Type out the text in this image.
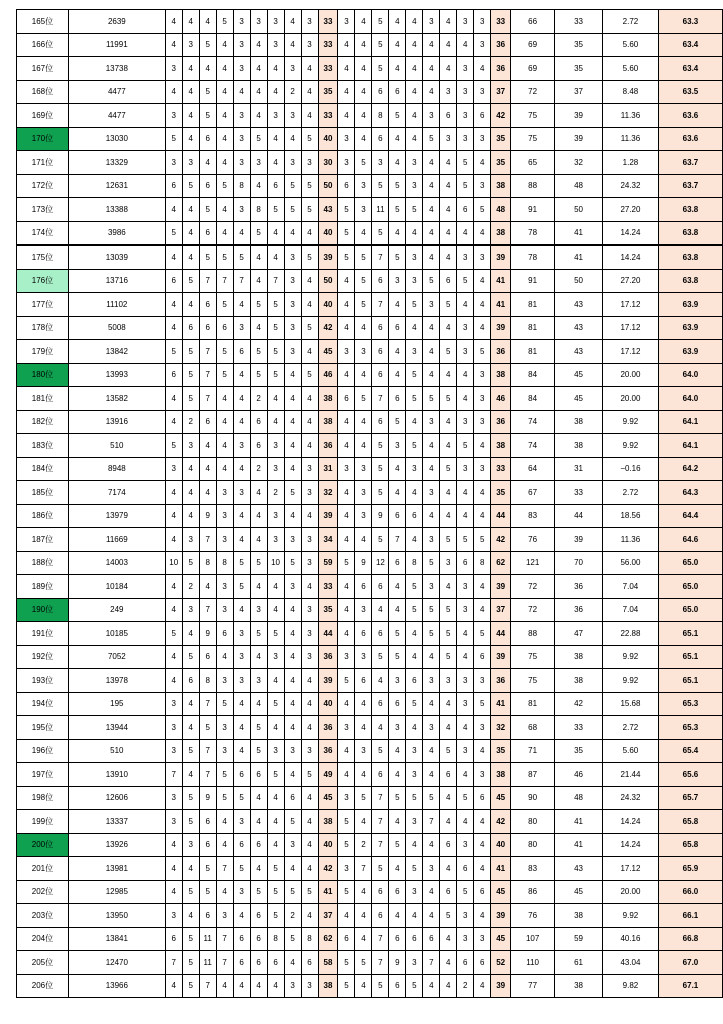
165位	2639	4	4	4	5	3	3	3	4	3	33	3	4	5	4	4	3	4	3	3	33	66	33	2.72	63.3
166位	11991	4	3	5	4	3	4	3	4	3	33	4	4	5	4	4	4	4	4	3	36	69	35	5.60	63.4
167位	13738	3	4	4	4	3	4	4	3	4	33	4	4	5	4	4	4	4	3	4	36	69	35	5.60	63.4
168位	4477	4	4	5	4	4	4	4	2	4	35	4	4	6	6	4	4	3	3	3	37	72	37	8.48	63.5
169位	4477	3	4	5	4	3	4	3	3	4	33	4	4	8	5	4	3	6	3	6	42	75	39	11.36	63.6
170位	13030	5	4	6	4	3	5	4	4	5	40	3	4	6	4	4	5	3	3	3	35	75	39	11.36	63.6
171位	13329	3	3	4	4	3	3	4	3	3	30	3	5	3	4	3	4	4	5	4	35	65	32	1.28	63.7
172位	12631	6	5	6	5	8	4	6	5	5	50	6	3	5	5	3	4	4	5	3	38	88	48	24.32	63.7
173位	13388	4	4	5	4	3	8	5	5	5	43	5	3	11	5	5	4	4	6	5	48	91	50	27.20	63.8
174位	3986	5	4	6	4	4	5	4	4	4	40	5	4	5	4	4	4	4	4	4	38	78	41	14.24	63.8
175位	13039	4	4	5	5	5	4	4	3	5	39	5	5	7	5	3	4	4	3	3	39	78	41	14.24	63.8
176位	13716	6	5	7	7	7	4	7	3	4	50	4	5	6	3	3	5	6	5	4	41	91	50	27.20	63.8
177位	11102	4	4	6	5	4	5	5	3	4	40	4	5	7	4	5	3	5	4	4	41	81	43	17.12	63.9
178位	5008	4	6	6	6	3	4	5	3	5	42	4	4	6	6	4	4	4	3	4	39	81	43	17.12	63.9
179位	13842	5	5	7	5	6	5	5	3	4	45	3	3	6	4	3	4	5	3	5	36	81	43	17.12	63.9
180位	13993	6	5	7	5	4	5	5	4	5	46	4	4	6	4	5	4	4	4	3	38	84	45	20.00	64.0
181位	13582	4	5	7	4	4	2	4	4	4	38	6	5	7	6	5	5	5	4	3	46	84	45	20.00	64.0
182位	13916	4	2	6	4	4	6	4	4	4	38	4	4	6	5	4	3	4	3	3	36	74	38	9.92	64.1
183位	510	5	3	4	4	3	6	3	4	4	36	4	4	5	3	5	4	4	5	4	38	74	38	9.92	64.1
184位	8948	3	4	4	4	4	2	3	4	3	31	3	3	5	4	3	4	5	3	3	33	64	31	−0.16	64.2
185位	7174	4	4	4	3	3	4	2	5	3	32	4	3	5	4	4	3	4	4	4	35	67	33	2.72	64.3
186位	13979	4	4	9	3	4	4	3	4	4	39	4	3	9	6	6	4	4	4	4	44	83	44	18.56	64.4
187位	11669	4	3	7	3	4	4	3	3	3	34	4	4	5	7	4	3	5	5	5	42	76	39	11.36	64.6
188位	14003	10	5	8	8	5	5	10	5	3	59	5	9	12	6	8	5	3	6	8	62	121	70	56.00	65.0
189位	10184	4	2	4	3	5	4	4	3	4	33	4	6	6	4	5	3	4	3	4	39	72	36	7.04	65.0
190位	249	4	3	7	3	4	3	4	4	3	35	4	3	4	4	5	5	5	3	4	37	72	36	7.04	65.0
191位	10185	5	4	9	6	3	5	5	4	3	44	4	6	6	5	4	5	5	4	5	44	88	47	22.88	65.1
192位	7052	4	5	6	4	3	4	3	4	3	36	3	3	5	5	4	4	5	4	6	39	75	38	9.92	65.1
193位	13978	4	6	8	3	3	3	4	4	4	39	5	6	4	3	6	3	3	3	3	36	75	38	9.92	65.1
194位	195	3	4	7	5	4	4	5	4	4	40	4	4	6	6	5	4	4	3	5	41	81	42	15.68	65.3
195位	13944	3	4	5	3	4	5	4	4	4	36	3	4	4	3	4	3	4	4	3	32	68	33	2.72	65.3
196位	510	3	5	7	3	4	5	3	3	3	36	4	3	5	4	3	4	5	3	4	35	71	35	5.60	65.4
197位	13910	7	4	7	5	6	6	5	4	5	49	4	4	6	4	3	4	6	4	3	38	87	46	21.44	65.6
198位	12606	3	5	9	5	5	4	4	6	4	45	3	5	7	5	5	5	4	5	6	45	90	48	24.32	65.7
199位	13337	3	5	6	4	3	4	4	5	4	38	5	4	7	4	3	7	4	4	4	42	80	41	14.24	65.8
200位	13926	4	3	6	4	6	6	4	3	4	40	5	2	7	5	4	4	6	3	4	40	80	41	14.24	65.8
201位	13981	4	4	5	7	5	4	5	4	4	42	3	7	5	4	5	3	4	6	4	41	83	43	17.12	65.9
202位	12985	4	5	5	4	3	5	5	5	5	41	5	4	6	6	3	4	6	5	6	45	86	45	20.00	66.0
203位	13950	3	4	6	3	4	6	5	2	4	37	4	4	6	4	4	4	5	3	4	39	76	38	9.92	66.1
204位	13841	6	5	11	7	6	6	8	5	8	62	6	4	7	6	6	6	4	3	3	45	107	59	40.16	66.8
205位	12470	7	5	11	7	6	6	6	4	6	58	5	5	7	9	3	7	4	6	6	52	110	61	43.04	67.0
206位	13966	4	5	7	4	4	4	4	3	3	38	5	4	5	6	5	4	4	2	4	39	77	38	9.82	67.1
